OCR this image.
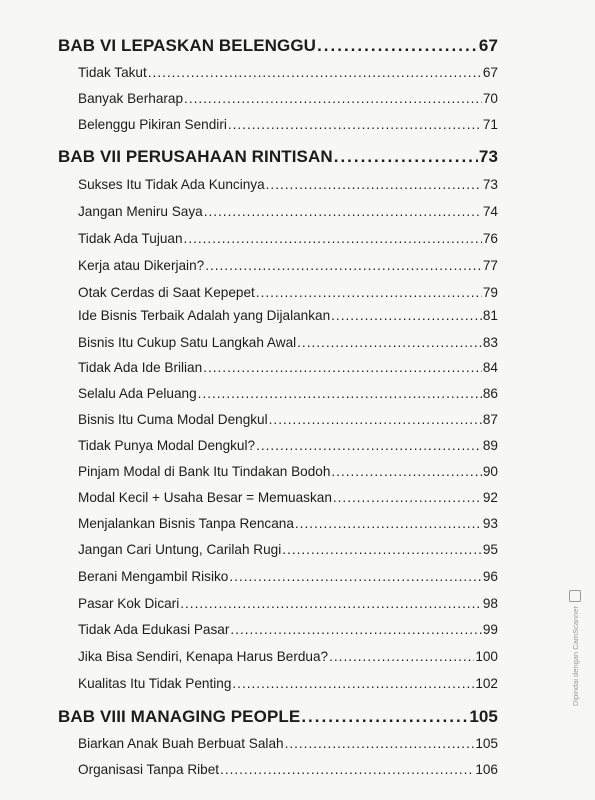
BAB VI LEPASKAN BELENGGU .....	67
Tidak Takut .....	67
Banyak Berharap .....	70
Belenggu Pikiran Sendiri .....	71
BAB VII PERUSAHAAN RINTISAN .....	73
Sukses Itu Tidak Ada Kuncinya .....	73
Jangan Meniru Saya .....	74
Tidak Ada Tujuan .....	76
Kerja atau Dikerjain? .....	77
Otak Cerdas di Saat Kepepet .....	79
Ide Bisnis Terbaik Adalah yang Dijalankan .....	81
Bisnis Itu Cukup Satu Langkah Awal .....	83
Tidak Ada Ide Brilian .....	84
Selalu Ada Peluang .....	86
Bisnis Itu Cuma Modal Dengkul .....	87
Tidak Punya Modal Dengkul? .....	89
Pinjam Modal di Bank Itu Tindakan Bodoh .....	90
Modal Kecil + Usaha Besar = Memuaskan .....	92
Menjalankan Bisnis Tanpa Rencana .....	93
Jangan Cari Untung, Carilah Rugi .....	95
Berani Mengambil Risiko .....	96
Pasar Kok Dicari .....	98
Tidak Ada Edukasi Pasar .....	99
Jika Bisa Sendiri, Kenapa Harus Berdua? .....	100
Kualitas Itu Tidak Penting .....	102
BAB VIII MANAGING PEOPLE .....	105
Biarkan Anak Buah Berbuat Salah .....	105
Organisasi Tanpa Ribet .....	106
Dipindai dengan CamScanner
